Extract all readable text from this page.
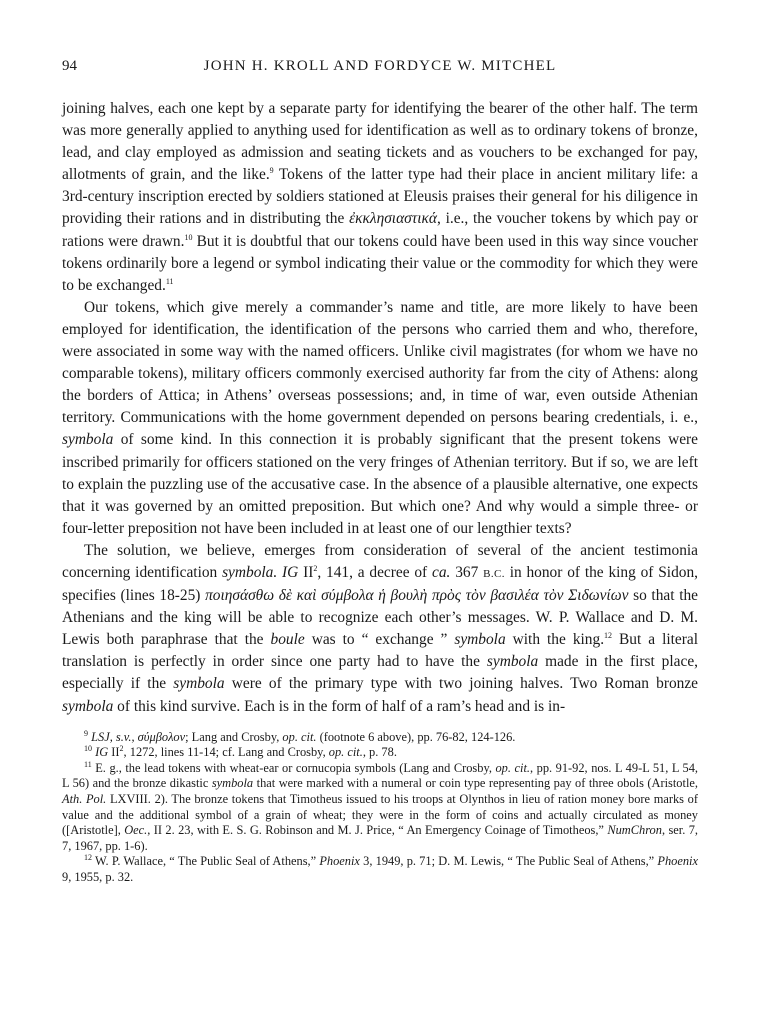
94	JOHN H. KROLL AND FORDYCE W. MITCHEL

joining halves, each one kept by a separate party for identifying the bearer of the other half. The term was more generally applied to anything used for identification as well as to ordinary tokens of bronze, lead, and clay employed as admission and seating tickets and as vouchers to be exchanged for pay, allotments of grain, and the like.$^9$ Tokens of the latter type had their place in ancient military life: a 3rd-century inscription erected by soldiers stationed at Eleusis praises their general for his diligence in providing their rations and in distributing the ἐκκλησιαστικά, i.e., the voucher tokens by which pay or rations were drawn.$^{10}$ But it is doubtful that our tokens could have been used in this way since voucher tokens ordinarily bore a legend or symbol indicating their value or the commodity for which they were to be exchanged.$^{11}$

Our tokens, which give merely a commander’s name and title, are more likely to have been employed for identification, the identification of the persons who carried them and who, therefore, were associated in some way with the named officers. Unlike civil magistrates (for whom we have no comparable tokens), military officers commonly exercised authority far from the city of Athens: along the borders of Attica; in Athens’ overseas possessions; and, in time of war, even outside Athenian territory. Communications with the home government depended on persons bearing credentials, i. e., symbola of some kind. In this connection it is probably significant that the present tokens were inscribed primarily for officers stationed on the very fringes of Athenian territory. But if so, we are left to explain the puzzling use of the accusative case. In the absence of a plausible alternative, one expects that it was governed by an omitted preposition. But which one? And why would a simple three- or four-letter preposition not have been included in at least one of our lengthier texts?

The solution, we believe, emerges from consideration of several of the ancient testimonia concerning identification symbola. IG $II^2$, 141, a decree of ca. 367 B.C. in honor of the king of Sidon, specifies (lines 18-25) ποιησάσθω δὲ καὶ σύμβολα ἡ βουλὴ πρὸς τὸν βασιλέα τὸν Σιδωνίων so that the Athenians and the king will be able to recognize each other’s messages. W. P. Wallace and D. M. Lewis both paraphrase that the boule was to “ exchange ” symbola with the king.$^{12}$ But a literal translation is perfectly in order since one party had to have the symbola made in the first place, especially if the symbola were of the primary type with two joining halves. Two Roman bronze symbola of this kind survive. Each is in the form of half of a ram’s head and is in-

$^9$ LSJ, s.v., σύμβολον; Lang and Crosby, op. cit. (footnote 6 above), pp. 76-82, 124-126.

$^{10}$ IG $II^2$, 1272, lines 11-14; cf. Lang and Crosby, op. cit., p. 78.

$^{11}$ E. g., the lead tokens with wheat-ear or cornucopia symbols (Lang and Crosby, op. cit., pp. 91-92, nos. L 49-L 51, L 54, L 56) and the bronze dikastic symbola that were marked with a numeral or coin type representing pay of three obols (Aristotle, Ath. Pol. LXVIII. 2). The bronze tokens that Timotheus issued to his troops at Olynthos in lieu of ration money bore marks of value and the additional symbol of a grain of wheat; they were in the form of coins and actually circulated as money ([Aristotle], Oec., II 2. 23, with E. S. G. Robinson and M. J. Price, “ An Emergency Coinage of Timotheos,” NumChron, ser. 7, 7, 1967, pp. 1-6).

$^{12}$ W. P. Wallace, “ The Public Seal of Athens,” Phoenix 3, 1949, p. 71; D. M. Lewis, “ The Public Seal of Athens,” Phoenix 9, 1955, p. 32.
